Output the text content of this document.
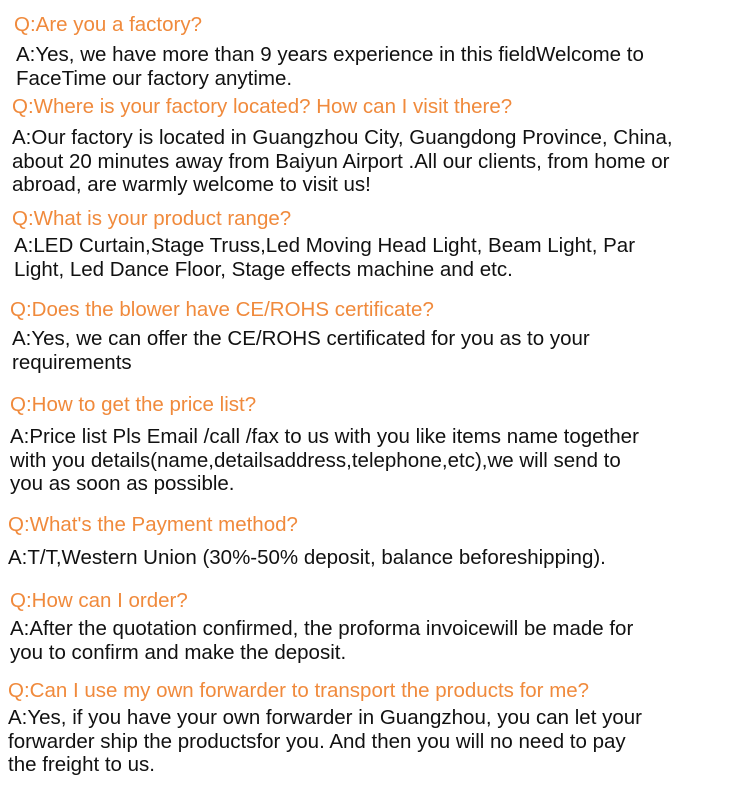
Q:Are you a factory?
A:Yes, we have more than 9 years experience in this fieldWelcome to
FaceTime our factory anytime.
Q:Where is your factory located? How can I visit there?
A:Our factory is located in Guangzhou City, Guangdong Province, China,
about 20 minutes away from Baiyun Airport .All our clients, from home or
abroad, are warmly welcome to visit us!
Q:What is your product range?
A:LED Curtain,Stage Truss,Led Moving Head Light, Beam Light, Par
Light, Led Dance Floor, Stage effects machine and etc.
Q:Does the blower have CE/ROHS certificate?
A:Yes, we can offer the CE/ROHS certificated for you as to your
requirements
Q:How to get the price list?
A:Price list Pls Email /call /fax to us with you like items name together
with you details(name,detailsaddress,telephone,etc),we will send to
you as soon as possible.
Q:What's the Payment method?
A:T/T,Western Union (30%-50% deposit, balance beforeshipping).
Q:How can I order?
A:After the quotation confirmed, the proforma invoicewill be made for
you to confirm and make the deposit.
Q:Can I use my own forwarder to transport the products for me?
A:Yes, if you have your own forwarder in Guangzhou, you can let your
forwarder ship the productsfor you. And then you will no need to pay
the freight to us.
